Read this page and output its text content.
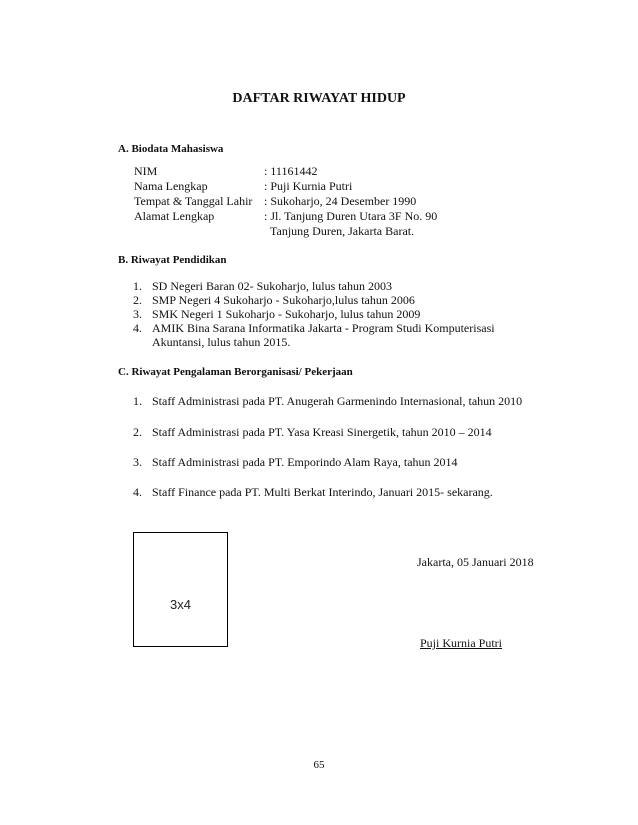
DAFTAR RIWAYAT HIDUP
A. Biodata Mahasiswa
NIM	: 11161442
Nama Lengkap	: Puji Kurnia Putri
Tempat & Tanggal Lahir : Sukoharjo, 24 Desember 1990
Alamat Lengkap	: Jl. Tanjung Duren Utara 3F No. 90
Tanjung Duren, Jakarta Barat.
B. Riwayat Pendidikan
1. SD Negeri Baran 02- Sukoharjo, lulus tahun 2003
2. SMP Negeri 4 Sukoharjo - Sukoharjo,lulus tahun 2006
3. SMK Negeri 1 Sukoharjo - Sukoharjo, lulus tahun 2009
4. AMIK Bina Sarana Informatika Jakarta - Program Studi Komputerisasi
Akuntansi, lulus tahun 2015.
C. Riwayat Pengalaman Berorganisasi/ Pekerjaan
1. Staff Administrasi pada PT. Anugerah Garmenindo Internasional, tahun 2010
2. Staff Administrasi pada PT. Yasa Kreasi Sinergetik, tahun 2010 – 2014
3. Staff Administrasi pada PT. Emporindo Alam Raya, tahun 2014
4. Staff Finance pada PT. Multi Berkat Interindo, Januari 2015- sekarang.
3x4
Jakarta, 05 Januari 2018
Puji Kurnia Putri
65
